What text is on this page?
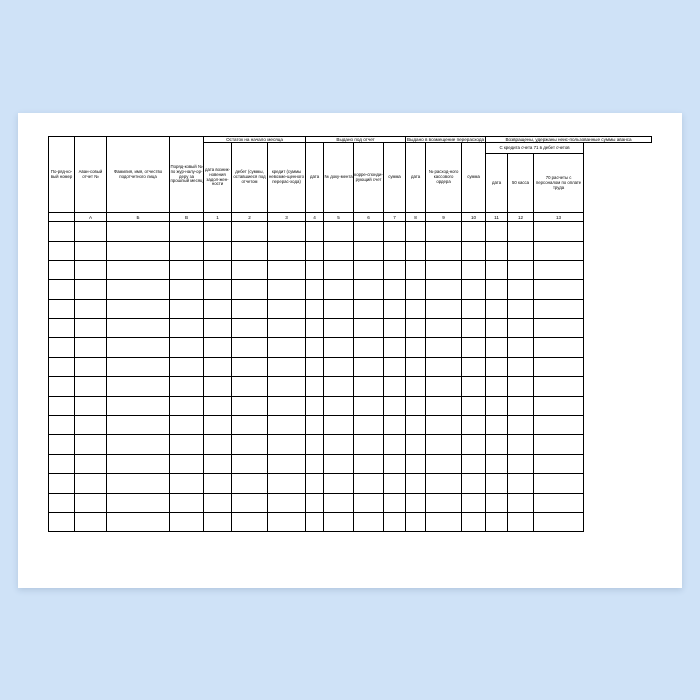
По-ряд-ко-вый номер	Аван-совый отчет №	Фамилия, имя, отчество подотчетного лица	Поряд-ковый № по жур-налу-ор-деру за прошлый месяц	Остаток на начало месяца			Выдано под отчет				Выдано в возмещение перерасхода			Возвращены, удержаны неис-пользованные суммы аванса		
				дата возник-новения задол-жен-ности	дебет (суммы, оставшиеся под отчетом	кредит (суммы невозме-щенного перерас-хода)	дата	№ доку-мента	корре-спонди-рующий счет	сумма	дата	№ расход-ного кассового ордера	сумма	С кредита счета 71 в дебет счетов		
														дата	50 касса	70 расчеты с персоналом по оплате труда
	А	Б	В	1	2	3	4	5	6	7	8	9	10	11	12	13
